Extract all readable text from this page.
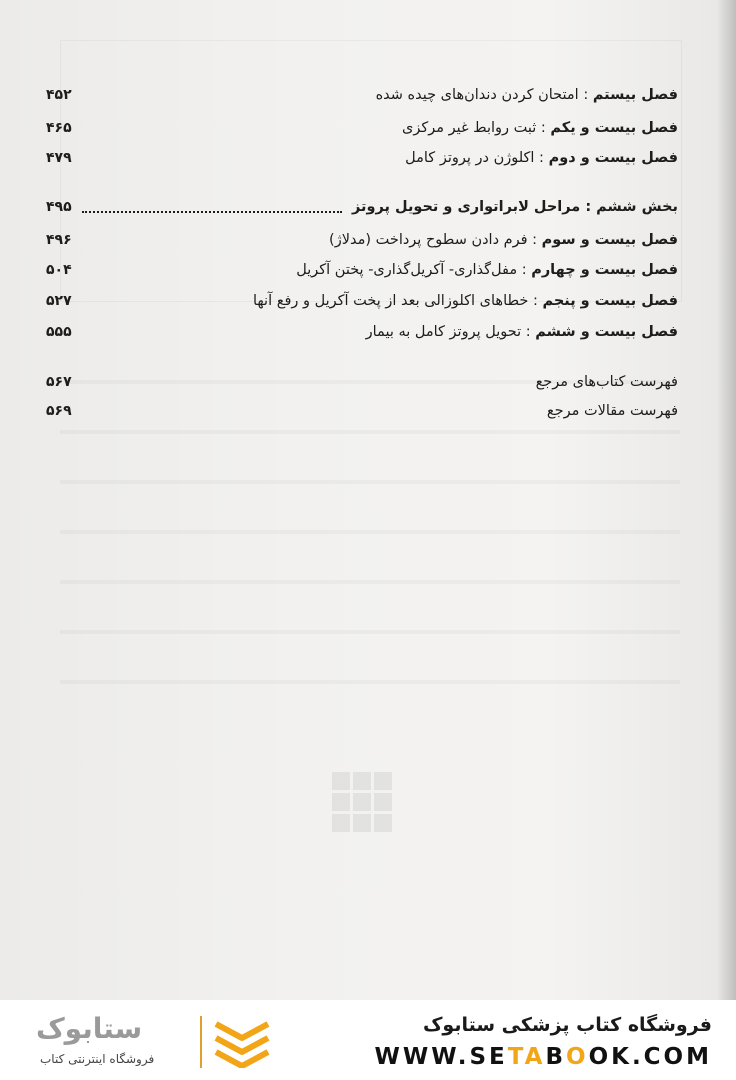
فصل بیستم : امتحان کردن دندان‌های چیده شده
۴۵۲
فصل بیست و یکم : ثبت روابط غیر مرکزی
۴۶۵
فصل بیست و دوم : اکلوژن در پروتز کامل
۴۷۹
بخش ششم : مراحل لابراتواری و تحویل پروتز
۴۹۵
فصل بیست و سوم : فرم دادن سطوح پرداخت (مدلاژ)
۴۹۶
فصل بیست و چهارم : مفل‌گذاری- آکریل‌گذاری- پختن آکریل
۵۰۴
فصل بیست و پنجم : خطاهای اکلوزالی بعد از پخت آکریل و رفع آنها
۵۲۷
فصل بیست و ششم : تحویل پروتز کامل به بیمار
۵۵۵
فهرست کتاب‌های مرجع
۵۶۷
فهرست مقالات مرجع
۵۶۹
فروشگاه کتاب پزشکی ستابوک
WWW.SETABOOK.COM
ستابوک
فروشگاه اینترنتی کتاب
